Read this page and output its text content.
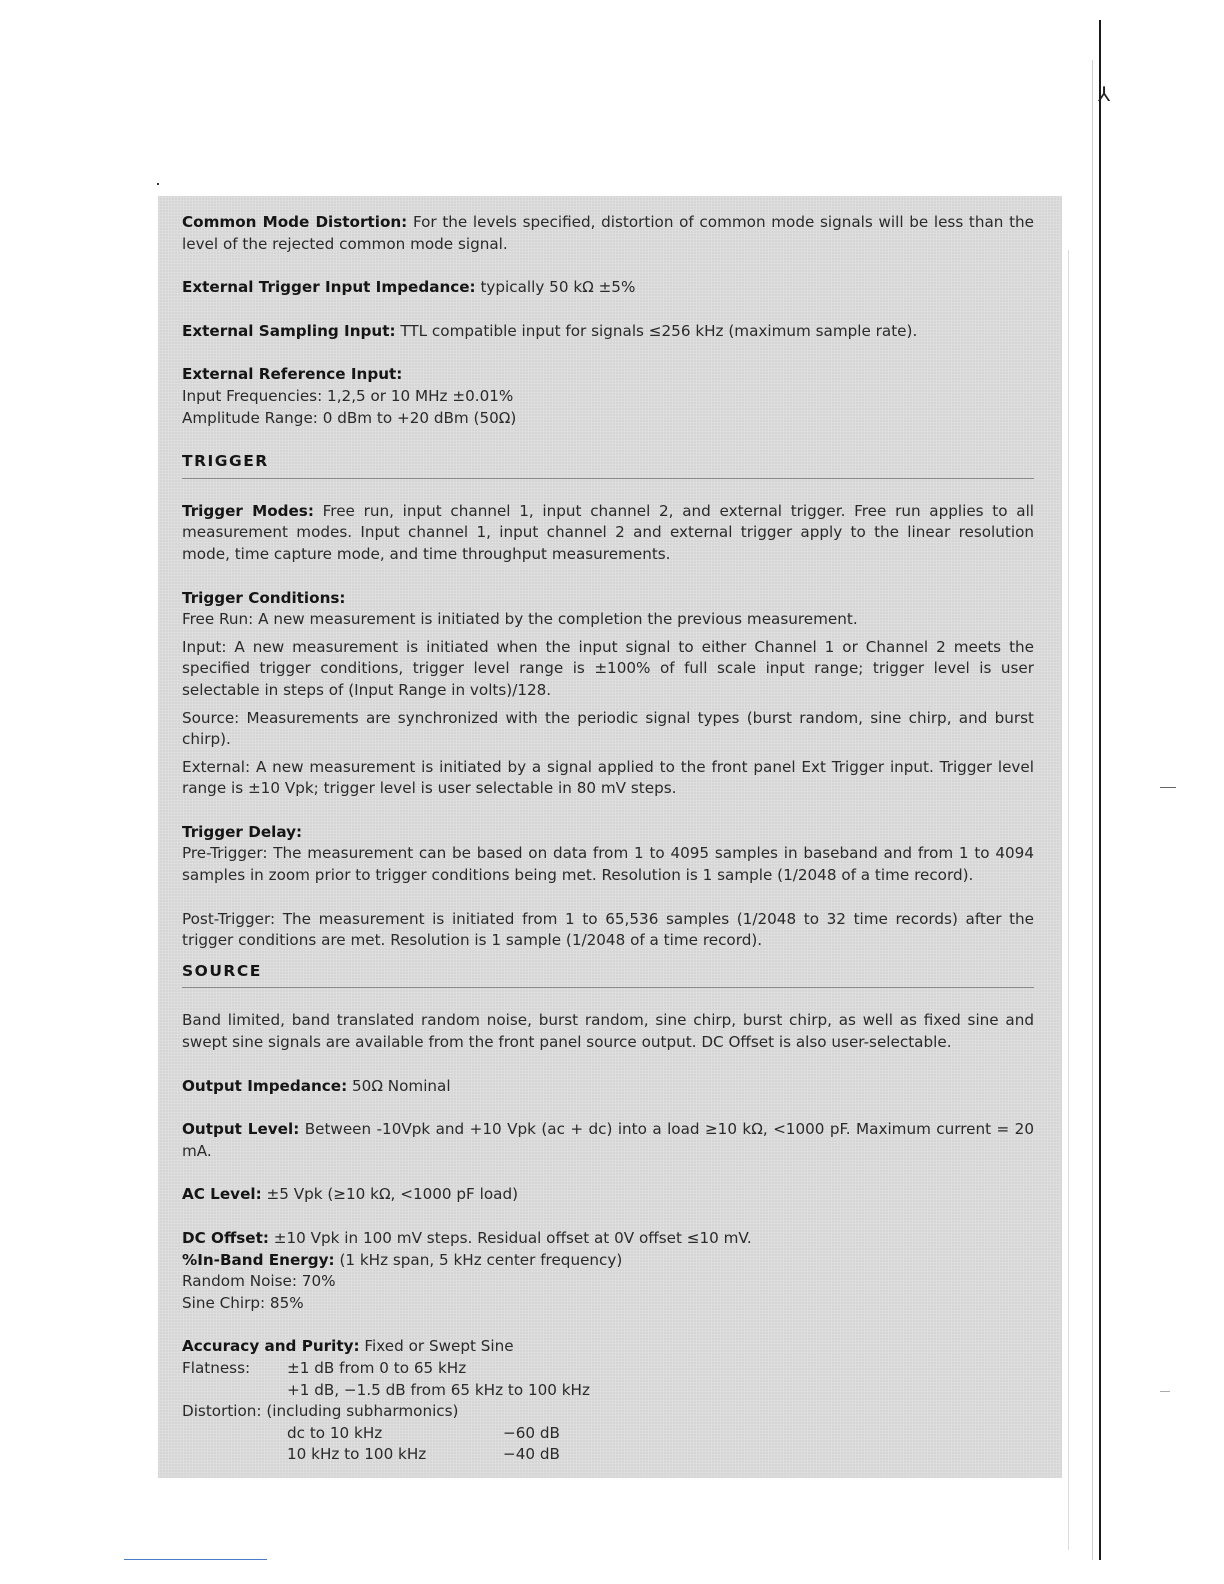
⅄

Common Mode Distortion: For the levels specified, distortion of common mode signals will be less than the level of the rejected common mode signal.

External Trigger Input Impedance: typically 50 kΩ ±5%

External Sampling Input: TTL compatible input for signals ≤256 kHz (maximum sample rate).

External Reference Input:

Input Frequencies: 1,2,5 or 10 MHz ±0.01%

Amplitude Range: 0 dBm to +20 dBm (50Ω)

TRIGGER

Trigger Modes: Free run, input channel 1, input channel 2, and external trigger. Free run applies to all measurement modes. Input channel 1, input channel 2 and external trigger apply to the linear resolution mode, time capture mode, and time throughput measurements.

Trigger Conditions:

Free Run: A new measurement is initiated by the completion the previous measurement.

Input: A new measurement is initiated when the input signal to either Channel 1 or Channel 2 meets the specified trigger conditions, trigger level range is ±100% of full scale input range; trigger level is user selectable in steps of (Input Range in volts)/128.

Source: Measurements are synchronized with the periodic signal types (burst random, sine chirp, and burst chirp).

External: A new measurement is initiated by a signal applied to the front panel Ext Trigger input. Trigger level range is ±10 Vpk; trigger level is user selectable in 80 mV steps.

Trigger Delay:

Pre-Trigger: The measurement can be based on data from 1 to 4095 samples in baseband and from 1 to 4094 samples in zoom prior to trigger conditions being met. Resolution is 1 sample (1/2048 of a time record).

Post-Trigger: The measurement is initiated from 1 to 65,536 samples (1/2048 to 32 time records) after the trigger conditions are met. Resolution is 1 sample (1/2048 of a time record).

SOURCE

Band limited, band translated random noise, burst random, sine chirp, burst chirp, as well as fixed sine and swept sine signals are available from the front panel source output. DC Offset is also user-selectable.

Output Impedance: 50Ω Nominal

Output Level: Between -10Vpk and +10 Vpk (ac + dc) into a load ≥10 kΩ, <1000 pF. Maximum current = 20 mA.

AC Level: ±5 Vpk (≥10 kΩ, <1000 pF load)

DC Offset: ±10 Vpk in 100 mV steps. Residual offset at 0V offset ≤10 mV.

%In-Band Energy: (1 kHz span, 5 kHz center frequency)

Random Noise: 70%

Sine Chirp: 85%

Accuracy and Purity: Fixed or Swept Sine

Flatness:	±1 dB from 0 to 65 kHz
+1 dB, −1.5 dB from 65 kHz to 100 kHz
Distortion: (including subharmonics)
dc to 10 kHz	−60 dB
10 kHz to 100 kHz	−40 dB
